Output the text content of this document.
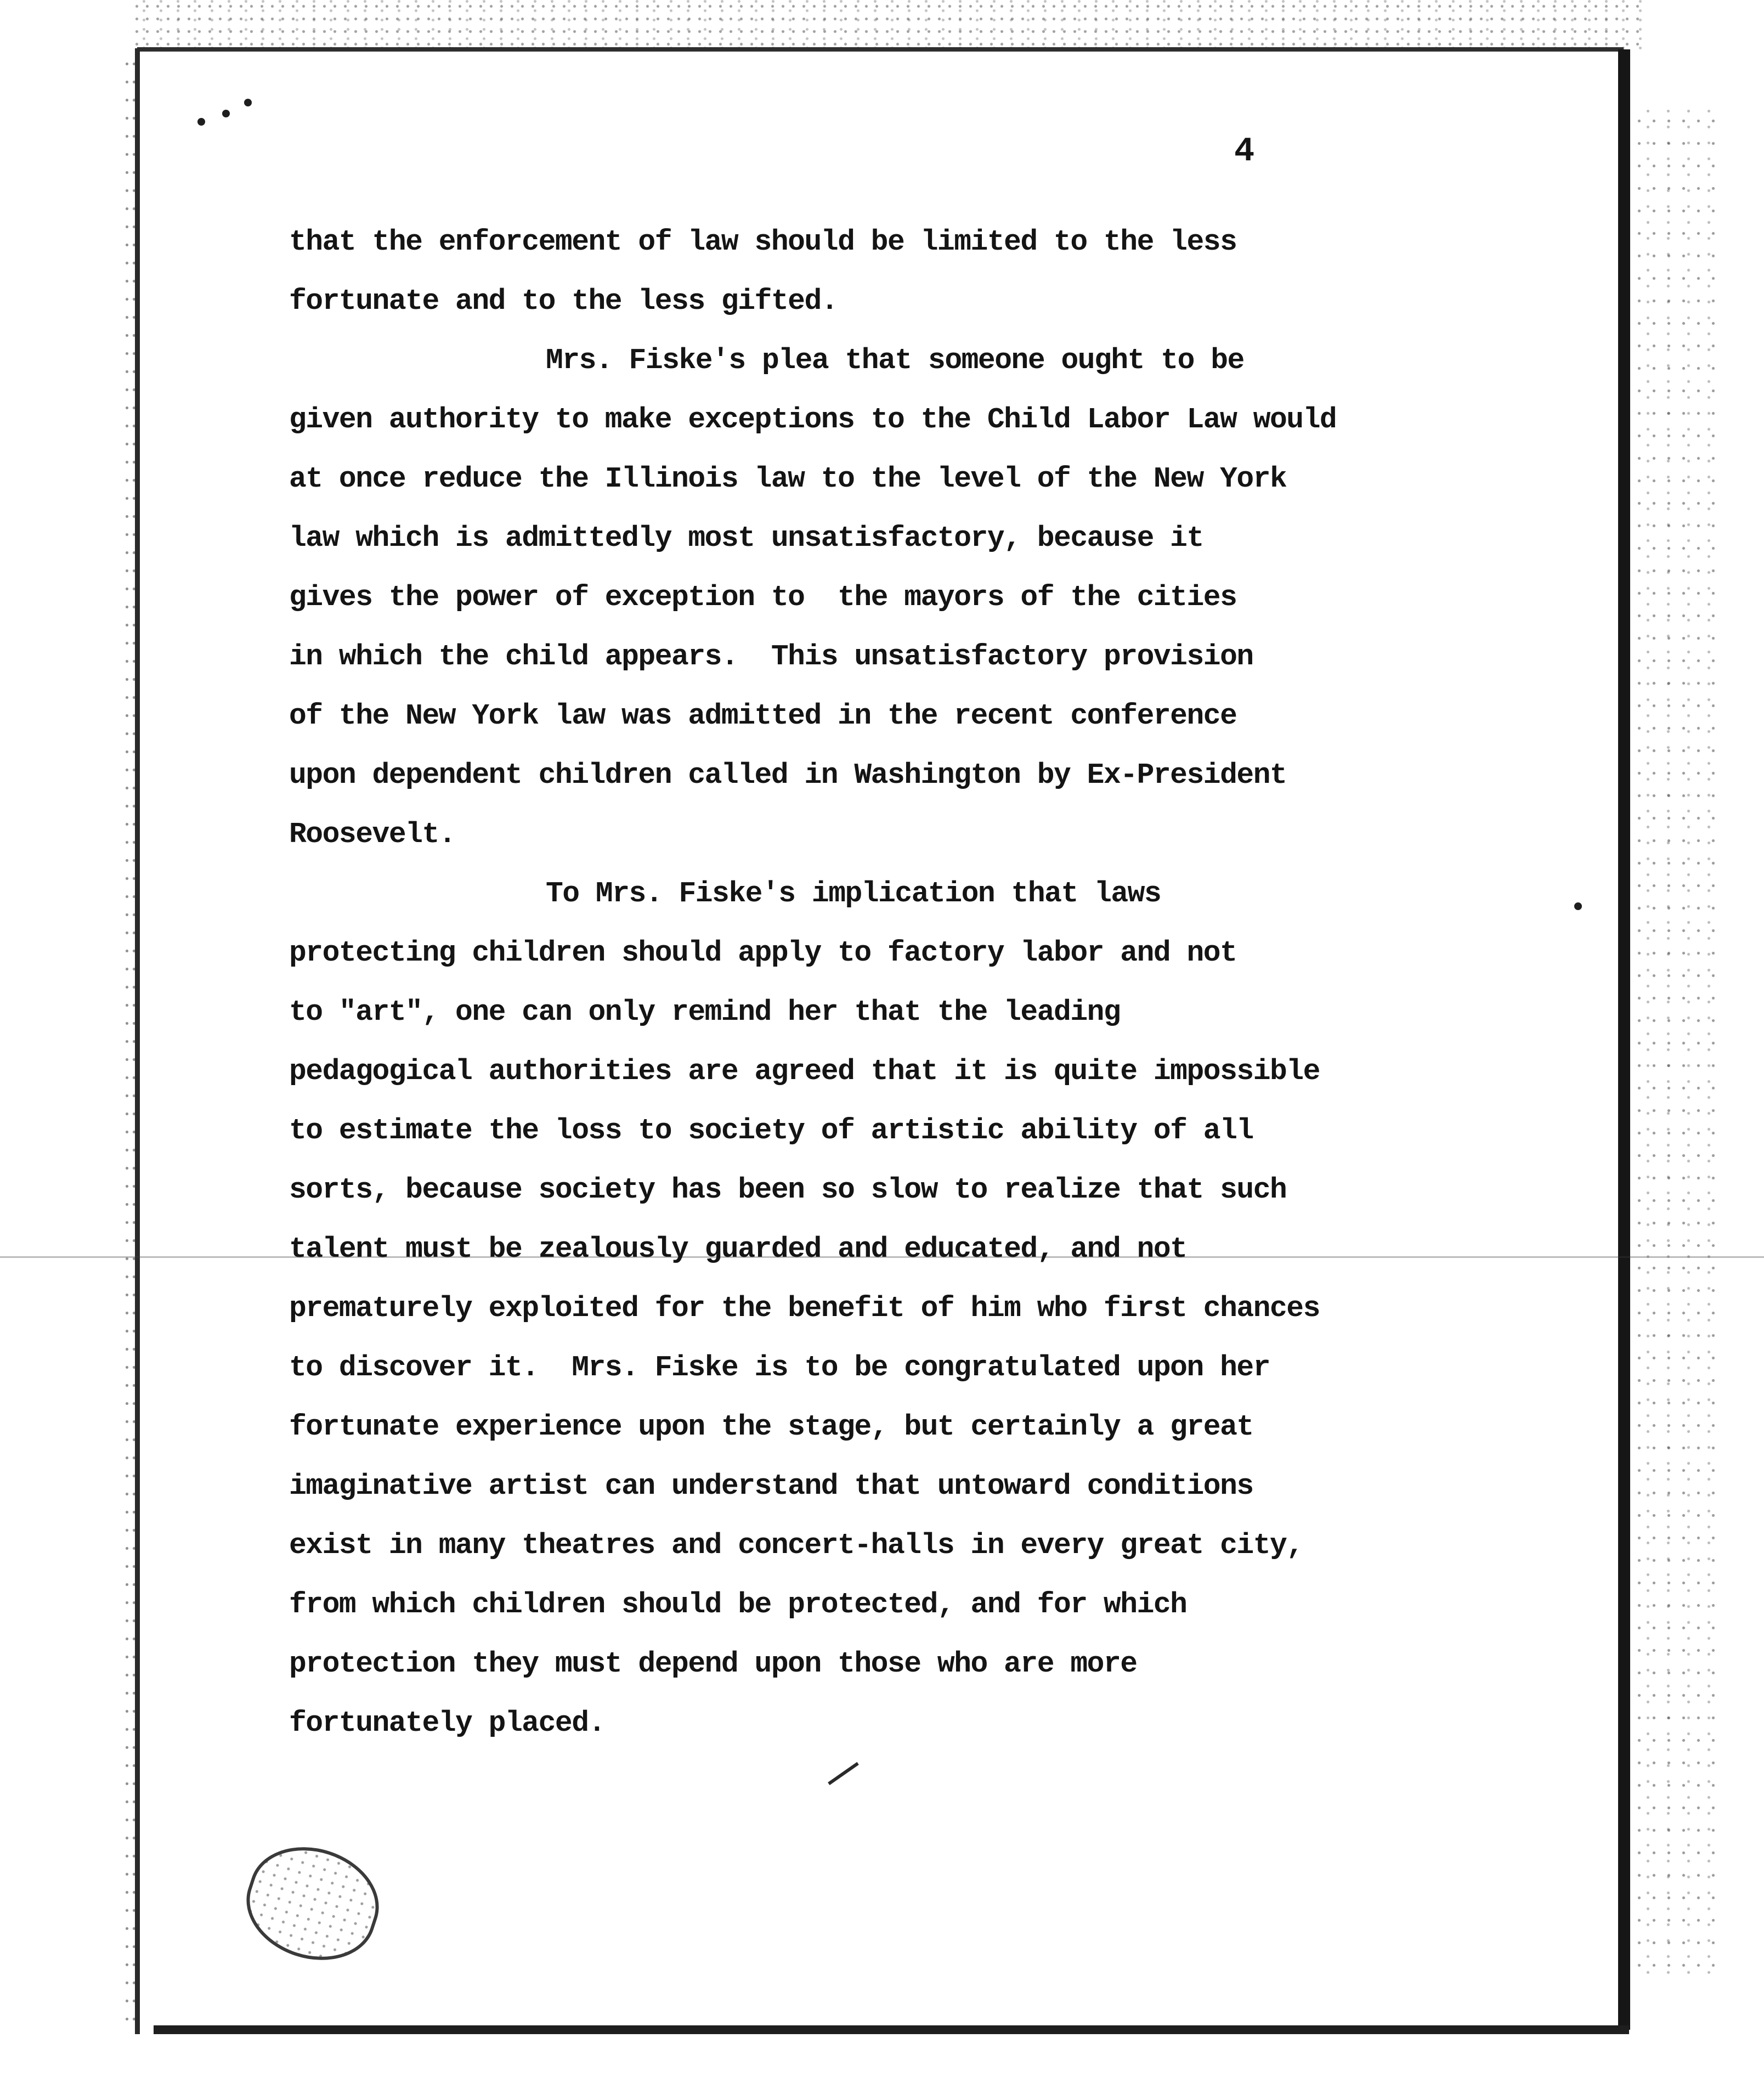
4
that the enforcement of law should be limited to the less
fortunate and to the less gifted.
Mrs. Fiske's plea that someone ought to be
given authority to make exceptions to the Child Labor Law would
at once reduce the Illinois law to the level of the New York
law which is admittedly most unsatisfactory, because it
gives the power of exception to  the mayors of the cities
in which the child appears.  This unsatisfactory provision
of the New York law was admitted in the recent conference
upon dependent children called in Washington by Ex-President
Roosevelt.
To Mrs. Fiske's implication that laws
protecting children should apply to factory labor and not
to "art", one can only remind her that the leading
pedagogical authorities are agreed that it is quite impossible
to estimate the loss to society of artistic ability of all
sorts, because society has been so slow to realize that such
talent must be zealously guarded and educated, and not
prematurely exploited for the benefit of him who first chances
to discover it.  Mrs. Fiske is to be congratulated upon her
fortunate experience upon the stage, but certainly a great
imaginative artist can understand that untoward conditions
exist in many theatres and concert-halls in every great city,
from which children should be protected, and for which
protection they must depend upon those who are more
fortunately placed.
